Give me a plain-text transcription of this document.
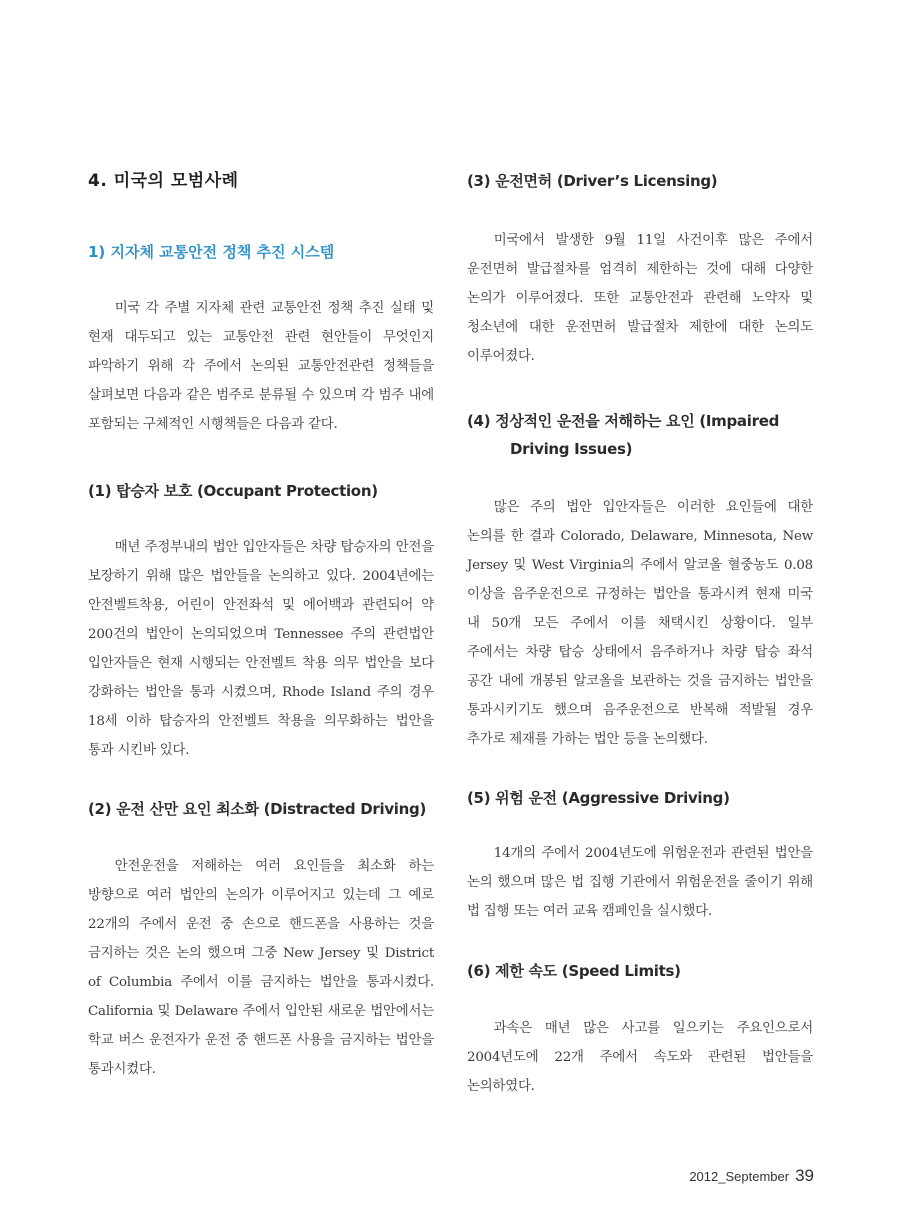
4. 미국의 모범사례
1) 지자체 교통안전 정책 추진 시스템

미국 각 주별 지자체 관련 교통안전 정책 추진 실태 및 현재 대두되고 있는 교통안전 관련 현안들이 무엇인지 파악하기 위해 각 주에서 논의된 교통안전관련 정책들을 살펴보면 다음과 같은 범주로 분류될 수 있으며 각 범주 내에 포함되는 구체적인 시행책들은 다음과 같다.

(1) 탑승자 보호 (Occupant Protection)

매년 주정부내의 법안 입안자들은 차량 탑승자의 안전을 보장하기 위해 많은 법안들을 논의하고 있다. 2004년에는 안전벨트착용, 어린이 안전좌석 및 에어백과 관련되어 약 200건의 법안이 논의되었으며 Tennessee 주의 관련법안 입안자들은 현재 시행되는 안전벨트 착용 의무 법안을 보다 강화하는 법안을 통과 시켰으며, Rhode Island 주의 경우 18세 이하 탑승자의 안전벨트 착용을 의무화하는 법안을 통과 시킨바 있다.

(2) 운전 산만 요인 최소화 (Distracted Driving)

안전운전을 저해하는 여러 요인들을 최소화 하는 방향으로 여러 법안의 논의가 이루어지고 있는데 그 예로 22개의 주에서 운전 중 손으로 핸드폰을 사용하는 것을 금지하는 것은 논의 했으며 그중 New Jersey 및 District of Columbia 주에서 이를 금지하는 법안을 통과시켰다. California 및 Delaware 주에서 입안된 새로운 법안에서는 학교 버스 운전자가 운전 중 핸드폰 사용을 금지하는 법안을 통과시켰다.

(3) 운전면허 (Driver’s Licensing)

미국에서 발생한 9월 11일 사건이후 많은 주에서 운전면허 발급절차를 엄격히 제한하는 것에 대해 다양한 논의가 이루어졌다. 또한 교통안전과 관련해 노약자 및 청소년에 대한 운전면허 발급절차 제한에 대한 논의도 이루어졌다.

(4) 정상적인 운전을 저해하는 요인 (Impaired
Driving Issues)

많은 주의 법안 입안자들은 이러한 요인들에 대한 논의를 한 결과 Colorado, Delaware, Minnesota, New Jersey 및 West Virginia의 주에서 알코올 혈중농도 0.08 이상을 음주운전으로 규정하는 법안을 통과시켜 현재 미국 내 50개 모든 주에서 이를 채택시킨 상황이다. 일부 주에서는 차량 탑승 상태에서 음주하거나 차량 탑승 좌석 공간 내에 개봉된 알코올을 보관하는 것을 금지하는 법안을 통과시키기도 했으며 음주운전으로 반복해 적발될 경우 추가로 제재를 가하는 법안 등을 논의했다.

(5) 위험 운전 (Aggressive Driving)

14개의 주에서 2004년도에 위험운전과 관련된 법안을 논의 했으며 많은 법 집행 기관에서 위험운전을 줄이기 위해 법 집행 또는 여러 교육 캠페인을 실시했다.

(6) 제한 속도 (Speed Limits)

과속은 매년 많은 사고를 일으키는 주요인으로서 2004년도에 22개 주에서 속도와 관련된 법안들을 논의하였다.

2012_September 39
